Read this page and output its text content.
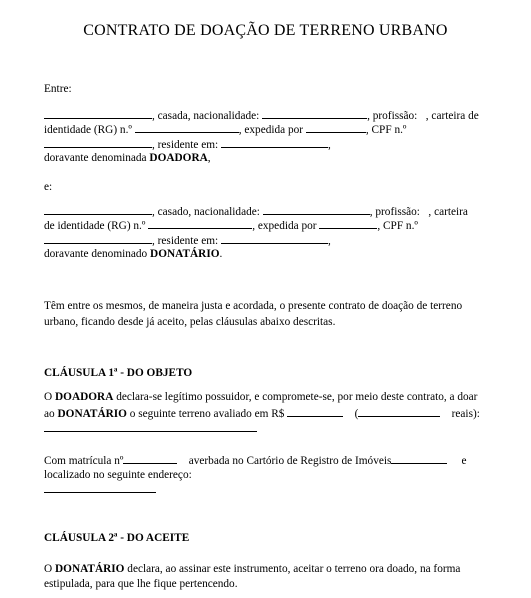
CONTRATO DE DOAÇÃO DE TERRENO URBANO
Entre:
, casada, nacionalidade:	, profissão: , carteira de
identidade (RG) n.º	, expedida por	, CPF n.º
, residente em:	,
doravante denominada DOADORA,
e:
, casado, nacionalidade:	, profissão: , carteira
de identidade (RG) n.º	, expedida por	, CPF n.º
, residente em:	,
doravante denominado DONATÁRIO.
Têm entre os mesmos, de maneira justa e acordada, o presente contrato de doação de terreno
urbano, ficando desde já aceito, pelas cláusulas abaixo descritas.
CLÁUSULA 1ª - DO OBJETO
O DOADORA declara-se legítimo possuidor, e compromete-se, por meio deste contrato, a doar
ao DONATÁRIO o seguinte terreno avaliado em R$	(	reais):
Com matrícula nº	averbada no Cartório de Registro de Imóveis	e
localizado no seguinte endereço:
CLÁUSULA 2ª - DO ACEITE
O DONATÁRIO declara, ao assinar este instrumento, aceitar o terreno ora doado, na forma
estipulada, para que lhe fique pertencendo.
